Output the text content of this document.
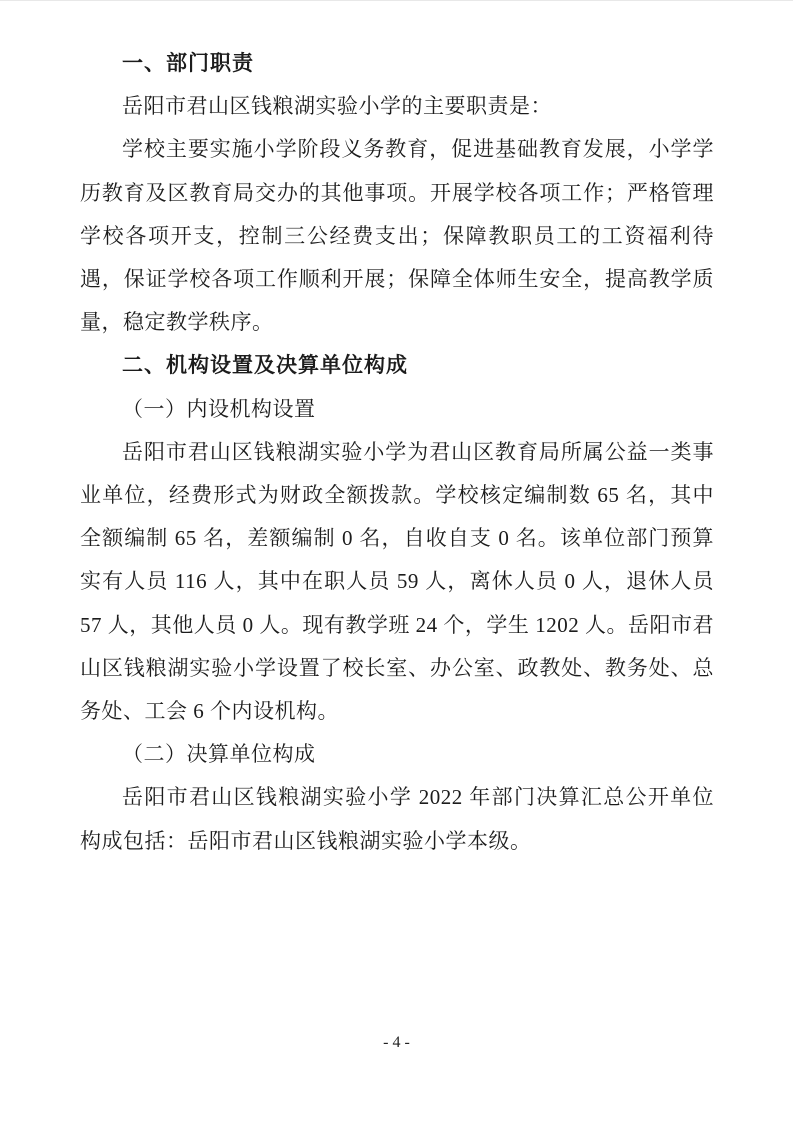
一、部门职责

岳阳市君山区钱粮湖实验小学的主要职责是：

学校主要实施小学阶段义务教育，促进基础教育发展，小学学历教育及区教育局交办的其他事项。开展学校各项工作；严格管理学校各项开支，控制三公经费支出；保障教职员工的工资福利待遇，保证学校各项工作顺利开展；保障全体师生安全，提高教学质量，稳定教学秩序。

二、机构设置及决算单位构成

（一）内设机构设置

岳阳市君山区钱粮湖实验小学为君山区教育局所属公益一类事业单位，经费形式为财政全额拨款。学校核定编制数 65 名，其中全额编制 65 名，差额编制 0 名，自收自支 0 名。该单位部门预算实有人员 116 人，其中在职人员 59 人，离休人员 0 人，退休人员 57 人，其他人员 0 人。现有教学班 24 个，学生 1202 人。岳阳市君山区钱粮湖实验小学设置了校长室、办公室、政教处、教务处、总务处、工会 6 个内设机构。

（二）决算单位构成

岳阳市君山区钱粮湖实验小学 2022 年部门决算汇总公开单位构成包括：岳阳市君山区钱粮湖实验小学本级。

- 4 -
